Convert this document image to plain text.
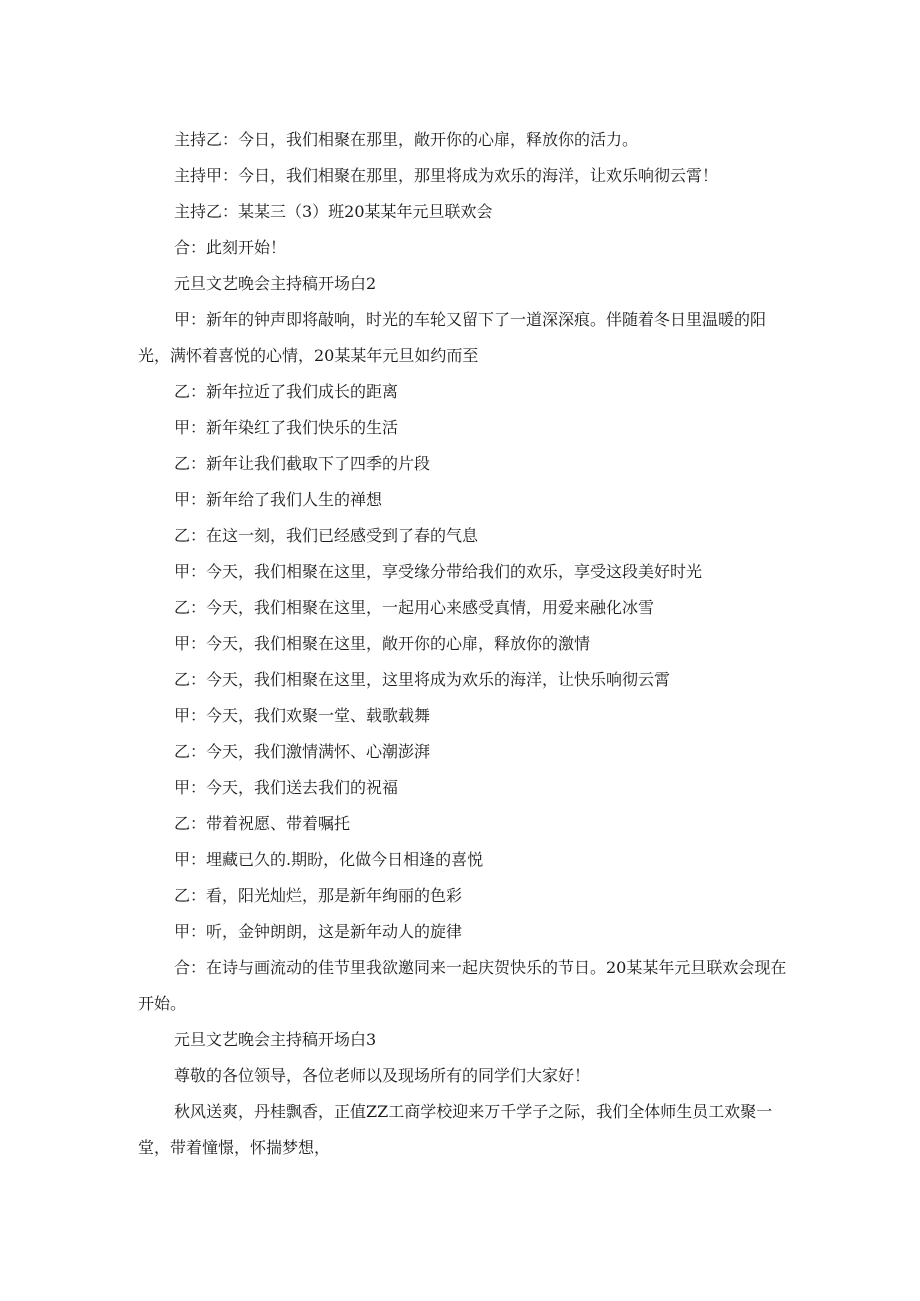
主持乙：今日，我们相聚在那里，敞开你的心扉，释放你的活力。

主持甲：今日，我们相聚在那里，那里将成为欢乐的海洋，让欢乐响彻云霄！

主持乙：某某三（3）班20某某年元旦联欢会

合：此刻开始！

元旦文艺晚会主持稿开场白2

甲：新年的钟声即将敲响，时光的车轮又留下了一道深深痕。伴随着冬日里温暖的阳光，满怀着喜悦的心情，20某某年元旦如约而至

乙：新年拉近了我们成长的距离

甲：新年染红了我们快乐的生活

乙：新年让我们截取下了四季的片段

甲：新年给了我们人生的禅想

乙：在这一刻，我们已经感受到了春的气息

甲：今天，我们相聚在这里，享受缘分带给我们的欢乐，享受这段美好时光

乙：今天，我们相聚在这里，一起用心来感受真情，用爱来融化冰雪

甲：今天，我们相聚在这里，敞开你的心扉，释放你的激情

乙：今天，我们相聚在这里，这里将成为欢乐的海洋，让快乐响彻云霄

甲：今天，我们欢聚一堂、载歌载舞

乙：今天，我们激情满怀、心潮澎湃

甲：今天，我们送去我们的祝福

乙：带着祝愿、带着嘱托

甲：埋藏已久的.期盼，化做今日相逢的喜悦

乙：看，阳光灿烂，那是新年绚丽的色彩

甲：听，金钟朗朗，这是新年动人的旋律

合：在诗与画流动的佳节里我欲邀同来一起庆贺快乐的节日。20某某年元旦联欢会现在开始。

元旦文艺晚会主持稿开场白3

尊敬的各位领导，各位老师以及现场所有的同学们大家好！

秋风送爽，丹桂飘香，正值ZZ工商学校迎来万千学子之际，我们全体师生员工欢聚一堂，带着憧憬，怀揣梦想，
